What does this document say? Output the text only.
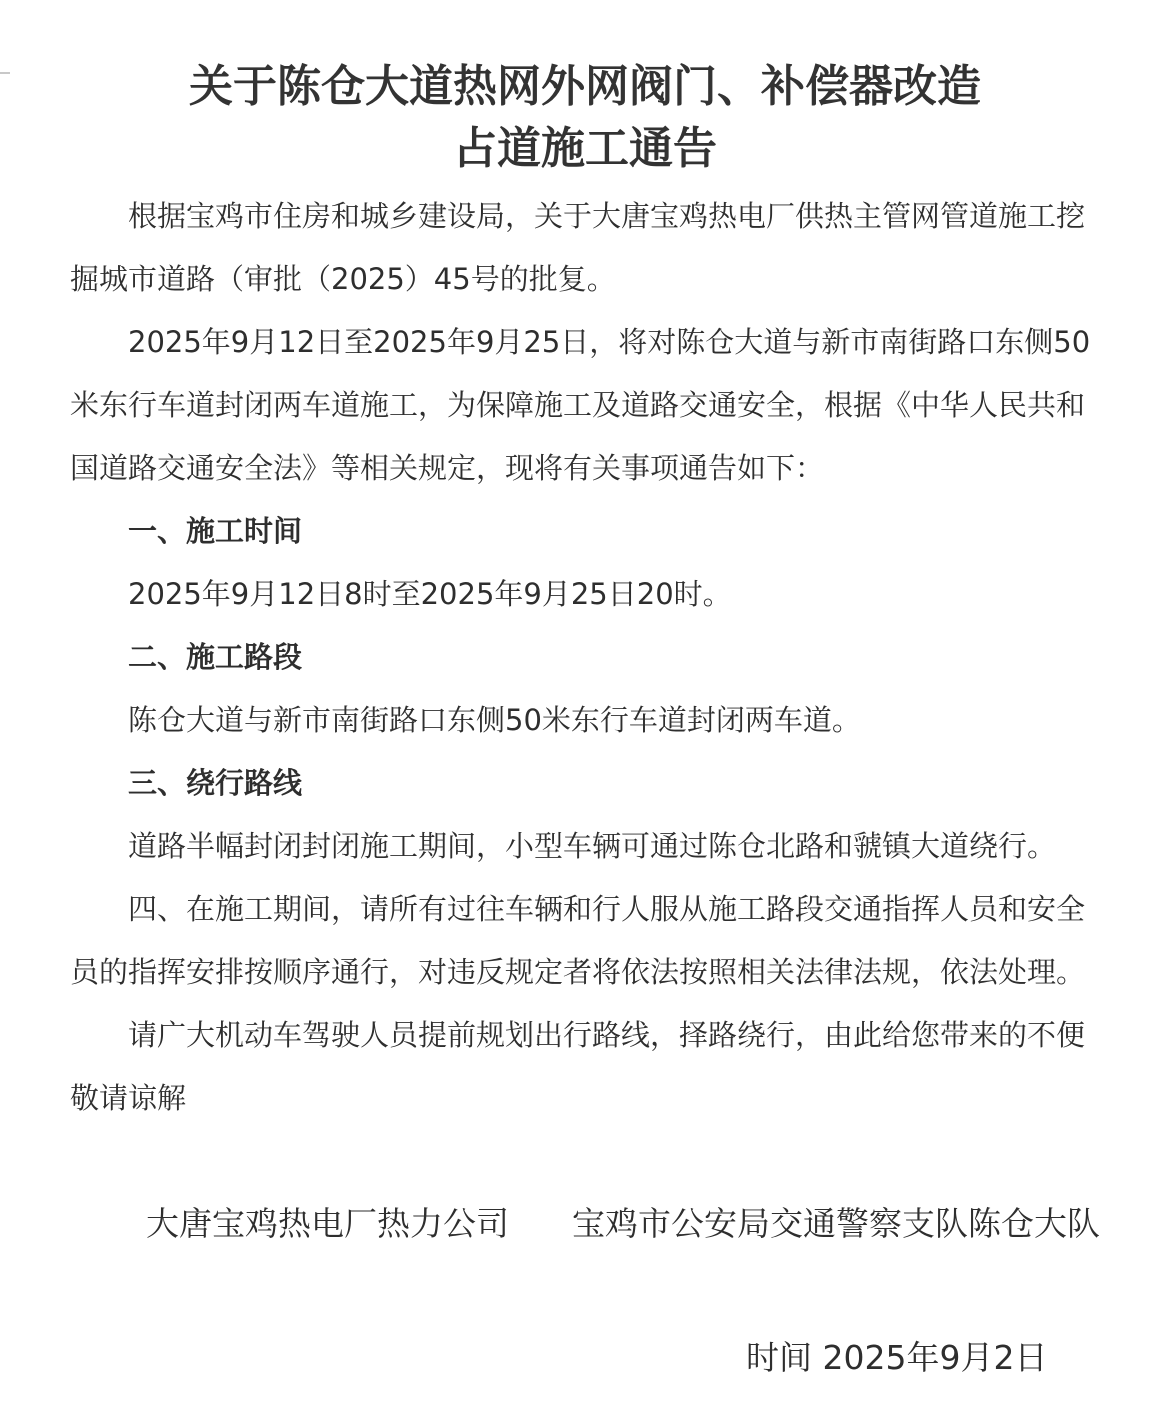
关于陈仓大道热网外网阀门、补偿器改造
占道施工通告

根据宝鸡市住房和城乡建设局，关于大唐宝鸡热电厂供热主管网管道施工挖掘城市道路（审批（2025）45号的批复。

2025年9月12日至2025年9月25日，将对陈仓大道与新市南街路口东侧50米东行车道封闭两车道施工，为保障施工及道路交通安全，根据《中华人民共和国道路交通安全法》等相关规定，现将有关事项通告如下：

一、施工时间

2025年9月12日8时至2025年9月25日20时。

二、施工路段

陈仓大道与新市南街路口东侧50米东行车道封闭两车道。

三、绕行路线

道路半幅封闭封闭施工期间，小型车辆可通过陈仓北路和虢镇大道绕行。

四、在施工期间，请所有过往车辆和行人服从施工路段交通指挥人员和安全员的指挥安排按顺序通行，对违反规定者将依法按照相关法律法规，依法处理。

请广大机动车驾驶人员提前规划出行路线，择路绕行，由此给您带来的不便敬请谅解

大唐宝鸡热电厂热力公司 宝鸡市公安局交通警察支队陈仓大队

时间 2025年9月2日
